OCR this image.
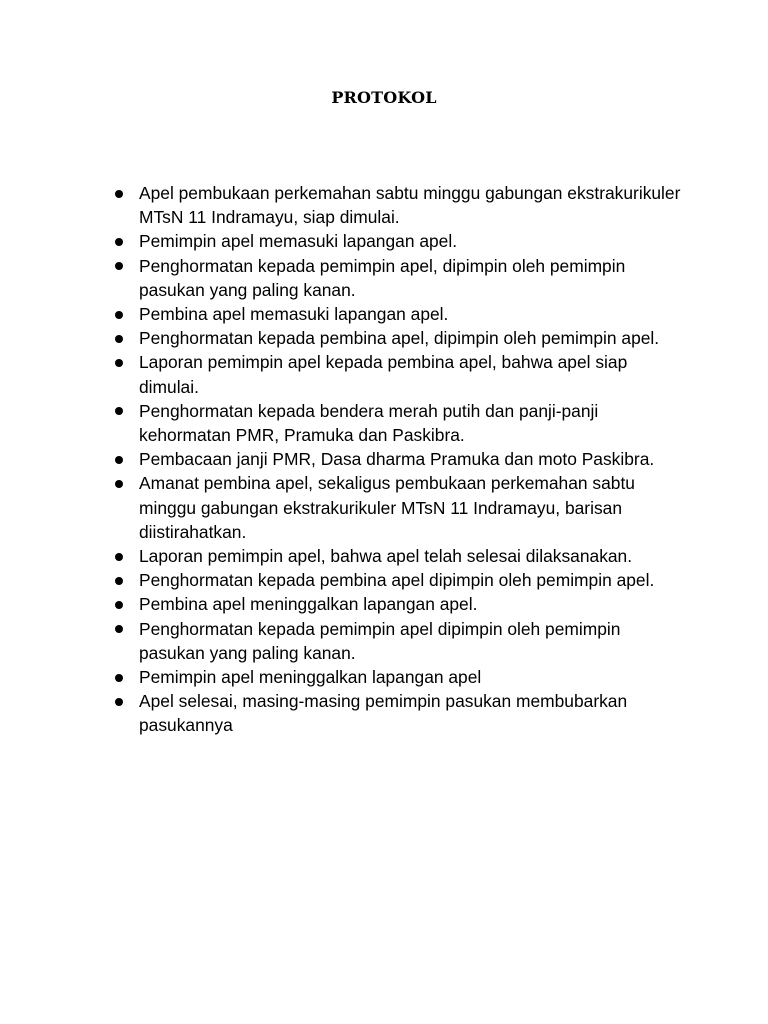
PROTOKOL
Apel pembukaan perkemahan sabtu minggu gabungan ekstrakurikuler MTsN 11 Indramayu, siap dimulai.
Pemimpin apel memasuki lapangan apel.
Penghormatan kepada pemimpin apel, dipimpin oleh pemimpin pasukan yang paling kanan.
Pembina apel memasuki lapangan apel.
Penghormatan kepada pembina apel, dipimpin oleh pemimpin apel.
Laporan pemimpin apel kepada pembina apel, bahwa apel siap dimulai.
Penghormatan kepada bendera merah putih dan panji-panji kehormatan PMR, Pramuka dan Paskibra.
Pembacaan janji PMR, Dasa dharma Pramuka dan moto Paskibra.
Amanat pembina apel, sekaligus pembukaan perkemahan sabtu minggu gabungan ekstrakurikuler MTsN 11 Indramayu, barisan diistirahatkan.
Laporan pemimpin apel, bahwa apel telah selesai dilaksanakan.
Penghormatan kepada pembina apel dipimpin oleh pemimpin apel.
Pembina apel meninggalkan lapangan apel.
Penghormatan kepada pemimpin apel dipimpin oleh pemimpin pasukan yang paling kanan.
Pemimpin apel meninggalkan lapangan apel
Apel selesai, masing-masing pemimpin pasukan membubarkan pasukannya
